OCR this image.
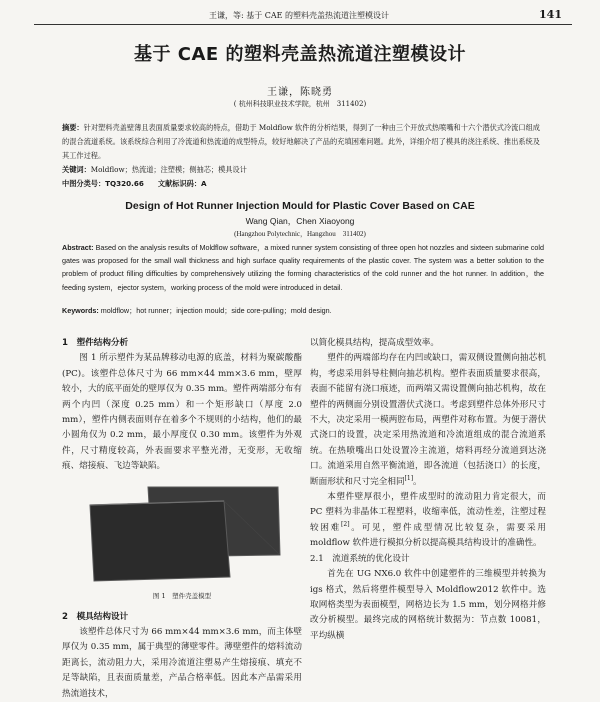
王谦，等: 基于 CAE 的塑料壳盖热流道注塑模设计	141
基于 CAE 的塑料壳盖热流道注塑模设计
王谦，陈晓勇
( 杭州科技职业技术学院，杭州　311402)
摘要：针对塑料壳盖壁薄且表面质量要求较高的特点，借助于 Moldflow 软件的分析结果，得到了一种由三个开放式热喷嘴和十六个潜伏式冷流口组成的混合流道系统。该系统综合利用了冷流道和热流道的成型特点，较好地解决了产品的充填困难问题。此外，详细介绍了模具的浇注系统、推出系统及其工作过程。
关键词：Moldflow；热流道；注塑模；侧抽芯；模具设计
中图分类号：TQ320.66 文献标识码：A
Design of Hot Runner Injection Mould for Plastic Cover Based on CAE
Wang Qian，Chen Xiaoyong
(Hangzhou Polytechnic，Hangzhou　311402)
Abstract: Based on the analysis results of Moldflow software，a mixed runner system consisting of three open hot nozzles and sixteen submarine cold gates was proposed for the small wall thickness and high surface quality requirements of the plastic cover. The system was a better solution to the problem of product filling difficulties by comprehensively utilizing the forming characteristics of the cold runner and the hot runner. In addition，the feeding system，ejector system，working process of the mold were introduced in detail.
Keywords: moldflow；hot runner；injection mould；side core-pulling；mold design.
1　塑件结构分析

图 1 所示塑件为某品牌移动电源的底盖，材料为聚碳酸酯(PC)。该塑件总体尺寸为 66 mm×44 mm×3.6 mm，壁厚较小，大的底平面处的壁厚仅为 0.35 mm。塑件两端部分布有两个内凹（深度 0.25 mm）和一个矩形缺口（厚度 2.0 mm），塑件内侧表面则存在着多个不规则的小结构，他们的最小圆角仅为 0.2 mm，最小厚度仅 0.30 mm。该塑件为外观件，尺寸精度较高，外表面要求平整光滑，无变形，无收缩痕、熔接痕、飞边等缺陷。

图 1　塑件壳盖模型
2　模具结构设计

该塑件总体尺寸为 66 mm×44 mm×3.6 mm，而主体壁厚仅为 0.35 mm，属于典型的薄壁零件。薄壁塑件的熔料流动距离长，流动阻力大，采用冷流道注塑易产生熔接痕、填充不足等缺陷，且表面质量差，产品合格率低。因此本产品需采用热流道技术，

以简化模具结构，提高成型效率。

塑件的两端部均存在内凹或缺口，需双侧设置侧向抽芯机构，考虑采用斜导柱侧向抽芯机构。塑件表面质量要求很高，表面不能留有浇口痕迹，而两端又需设置侧向抽芯机构，故在塑件的两侧面分别设置潜伏式浇口。考虑到塑件总体外形尺寸不大，决定采用一模两腔布局，两塑件对称布置。为便于潜伏式浇口的设置，决定采用热流道和冷流道组成的混合流道系统。在热喷嘴出口处设置冷主流道，熔料再经分流道到达浇口。流道采用自然平衡流道，即各流道（包括浇口）的长度，断面形状和尺寸完全相同[1]。

本塑件壁厚很小，塑件成型时的流动阻力肯定很大，而 PC 塑料为非晶体工程塑料，收缩率低，流动性差，注塑过程较困难[2]。可见，塑件成型情况比较复杂，需要采用 moldflow 软件进行模拟分析以提高模具结构设计的准确性。

2.1　流道系统的优化设计

首先在 UG NX6.0 软件中创建塑件的三维模型并转换为 igs 格式，然后将塑件模型导入 Moldflow2012 软件中。选取网格类型为表面模型，网格边长为 1.5 mm，划分网格并修改分析模型。最终完成的网格统计数据为：节点数 10081，平均纵横
